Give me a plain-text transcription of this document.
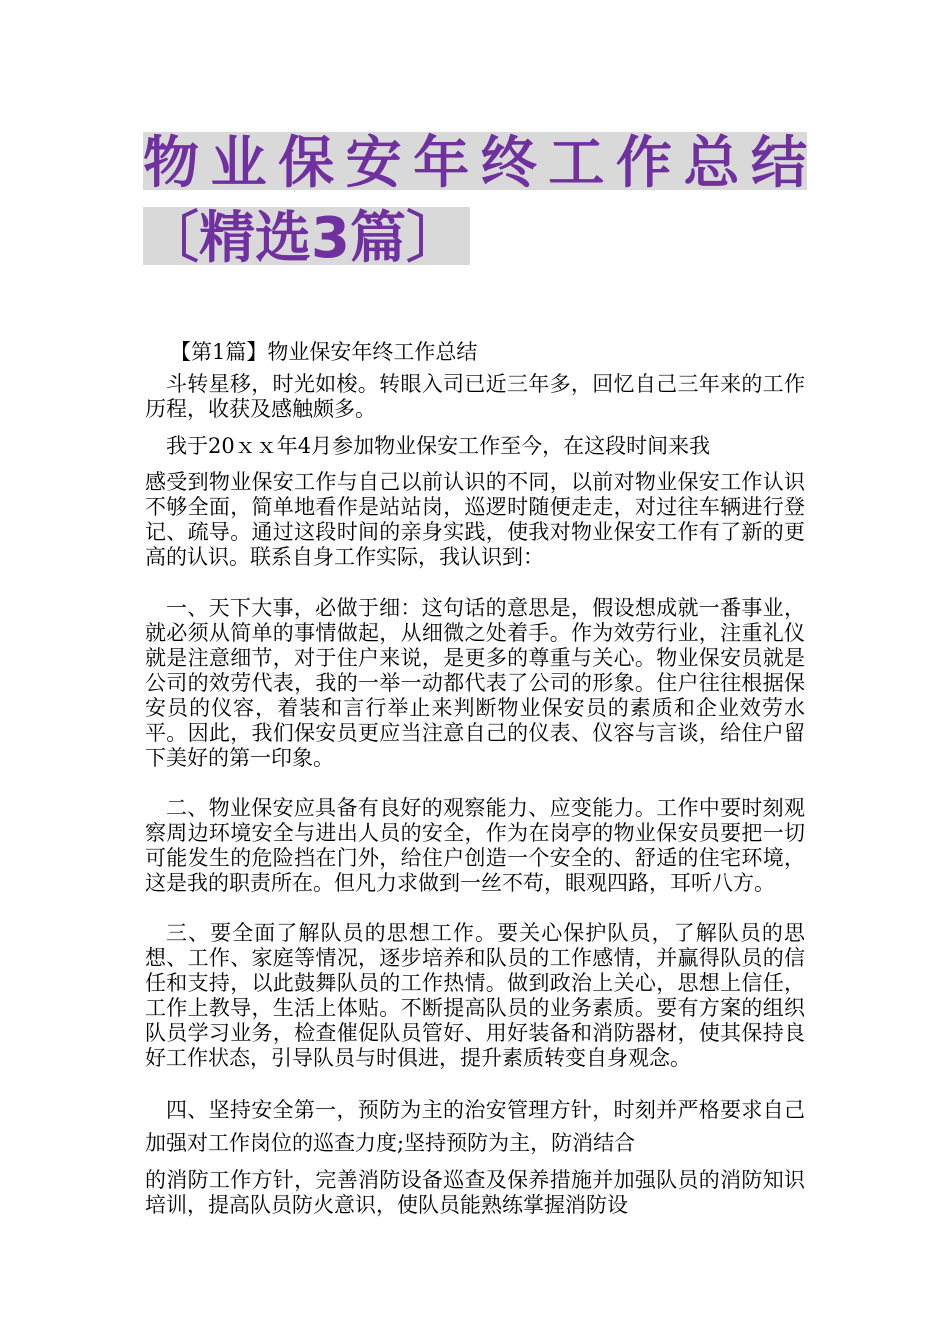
物业保安年终工作总结
〔精选3篇〕
【第1篇】物业保安年终工作总结
斗转星移，时光如梭。转眼入司已近三年多，回忆自己三年来的工作历程，收获及感触颇多。
我于20ｘｘ年4月参加物业保安工作至今，在这段时间来我
感受到物业保安工作与自己以前认识的不同，以前对物业保安工作认识不够全面，简单地看作是站站岗，巡逻时随便走走，对过往车辆进行登记、疏导。通过这段时间的亲身实践，使我对物业保安工作有了新的更高的认识。联系自身工作实际，我认识到：
一、天下大事，必做于细：这句话的意思是，假设想成就一番事业，就必须从简单的事情做起，从细微之处着手。作为效劳行业，注重礼仪就是注意细节，对于住户来说，是更多的尊重与关心。物业保安员就是公司的效劳代表，我的一举一动都代表了公司的形象。住户往往根据保安员的仪容，着装和言行举止来判断物业保安员的素质和企业效劳水平。因此，我们保安员更应当注意自己的仪表、仪容与言谈，给住户留下美好的第一印象。
二、物业保安应具备有良好的观察能力、应变能力。工作中要时刻观察周边环境安全与进出人员的安全，作为在岗亭的物业保安员要把一切可能发生的危险挡在门外，给住户创造一个安全的、舒适的住宅环境，这是我的职责所在。但凡力求做到一丝不苟，眼观四路，耳听八方。
三、要全面了解队员的思想工作。要关心保护队员，了解队员的思想、工作、家庭等情况，逐步培养和队员的工作感情，并赢得队员的信任和支持，以此鼓舞队员的工作热情。做到政治上关心，思想上信任，工作上教导，生活上体贴。不断提高队员的业务素质。要有方案的组织队员学习业务，检查催促队员管好、用好装备和消防器材，使其保持良好工作状态，引导队员与时俱进，提升素质转变自身观念。
四、坚持安全第一，预防为主的治安管理方针，时刻并严格要求自己加强对工作岗位的巡查力度;坚持预防为主，防消结合
的消防工作方针，完善消防设备巡查及保养措施并加强队员的消防知识培训，提高队员防火意识，使队员能熟练掌握消防设
